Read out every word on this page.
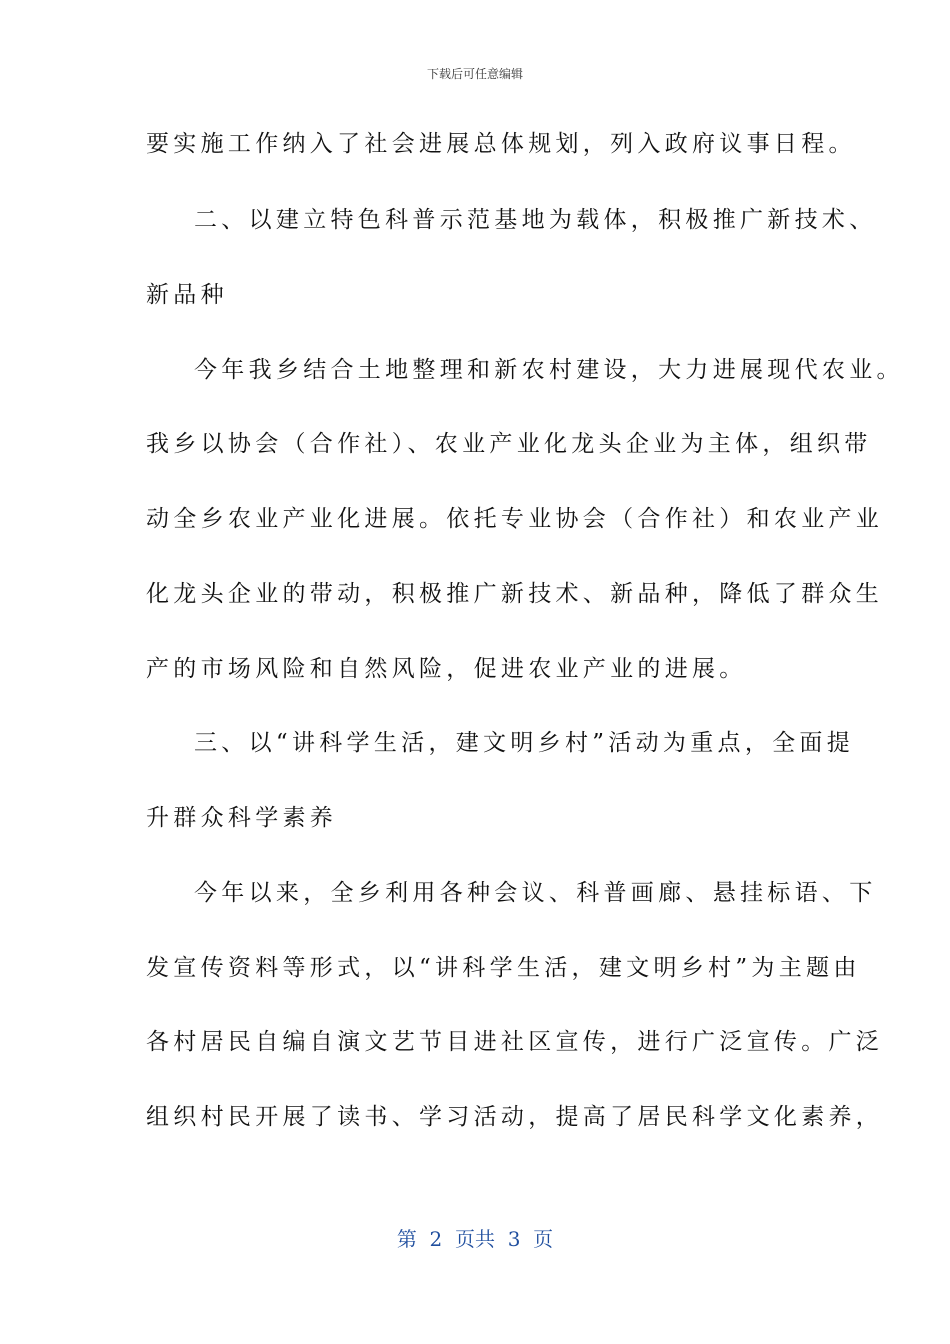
下载后可任意编辑
要实施工作纳入了社会进展总体规划，列入政府议事日程。
二、以建立特色科普示范基地为载体，积极推广新技术、
新品种
今年我乡结合土地整理和新农村建设，大力进展现代农业。
我乡以协会（合作社）、农业产业化龙头企业为主体，组织带
动全乡农业产业化进展。依托专业协会（合作社）和农业产业
化龙头企业的带动，积极推广新技术、新品种，降低了群众生
产的市场风险和自然风险，促进农业产业的进展。
三、以“讲科学生活，建文明乡村”活动为重点，全面提
升群众科学素养
今年以来，全乡利用各种会议、科普画廊、悬挂标语、下
发宣传资料等形式，以“讲科学生活，建文明乡村”为主题由
各村居民自编自演文艺节目进社区宣传，进行广泛宣传。广泛
组织村民开展了读书、学习活动，提高了居民科学文化素养，
第  2  页共  3  页
